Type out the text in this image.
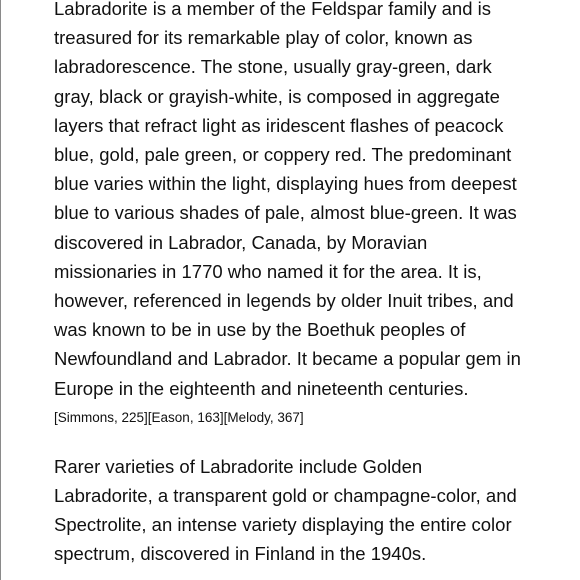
Labradorite is a member of the Feldspar family and is
treasured for its remarkable play of color, known as
labradorescence. The stone, usually gray-green, dark
gray, black or grayish-white, is composed in aggregate
layers that refract light as iridescent flashes of peacock
blue, gold, pale green, or coppery red. The predominant
blue varies within the light, displaying hues from deepest
blue to various shades of pale, almost blue-green. It was
discovered in Labrador, Canada, by Moravian
missionaries in 1770 who named it for the area. It is,
however, referenced in legends by older Inuit tribes, and
was known to be in use by the Boethuk peoples of
Newfoundland and Labrador. It became a popular gem in
Europe in the eighteenth and nineteenth centuries.

[Simmons, 225][Eason, 163][Melody, 367]

Rarer varieties of Labradorite include Golden
Labradorite, a transparent gold or champagne-color, and
Spectrolite, an intense variety displaying the entire color
spectrum, discovered in Finland in the 1940s.
